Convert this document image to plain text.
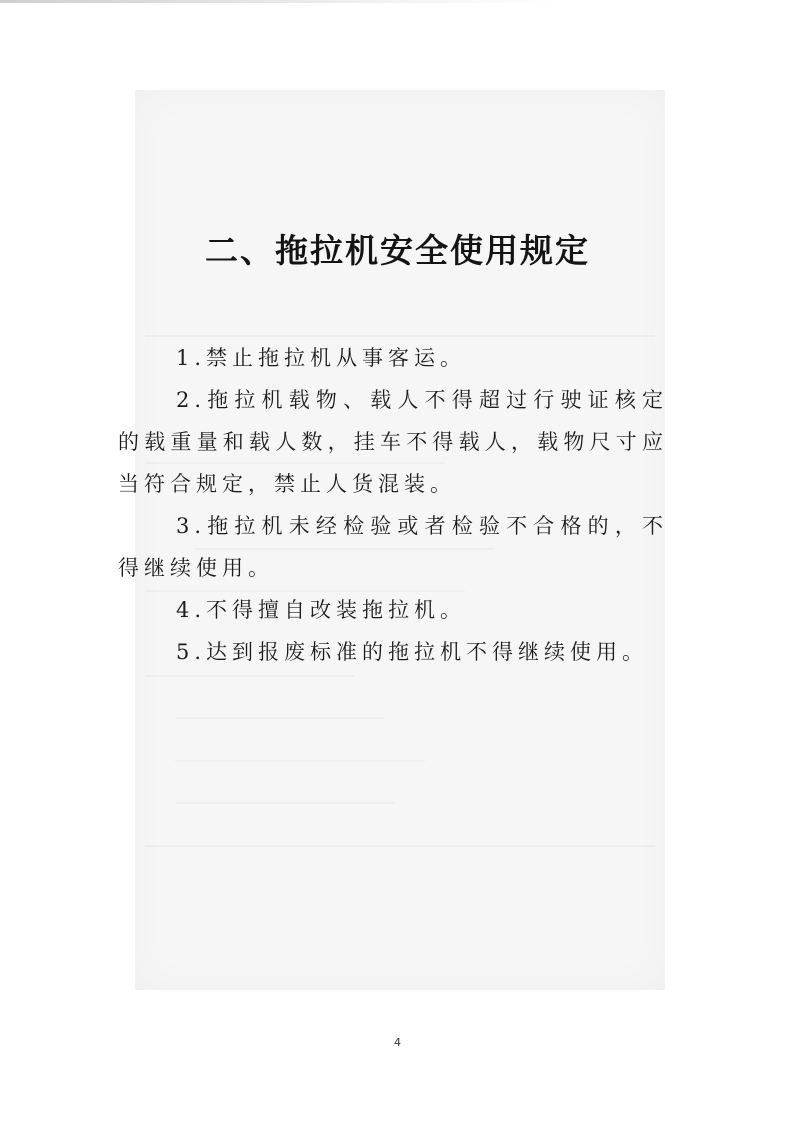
二、拖拉机安全使用规定

1.禁止拖拉机从事客运。

2.拖拉机载物、载人不得超过行驶证核定的载重量和载人数，挂车不得载人，载物尺寸应当符合规定，禁止人货混装。

3.拖拉机未经检验或者检验不合格的，不得继续使用。

4.不得擅自改装拖拉机。

5.达到报废标准的拖拉机不得继续使用。

4
